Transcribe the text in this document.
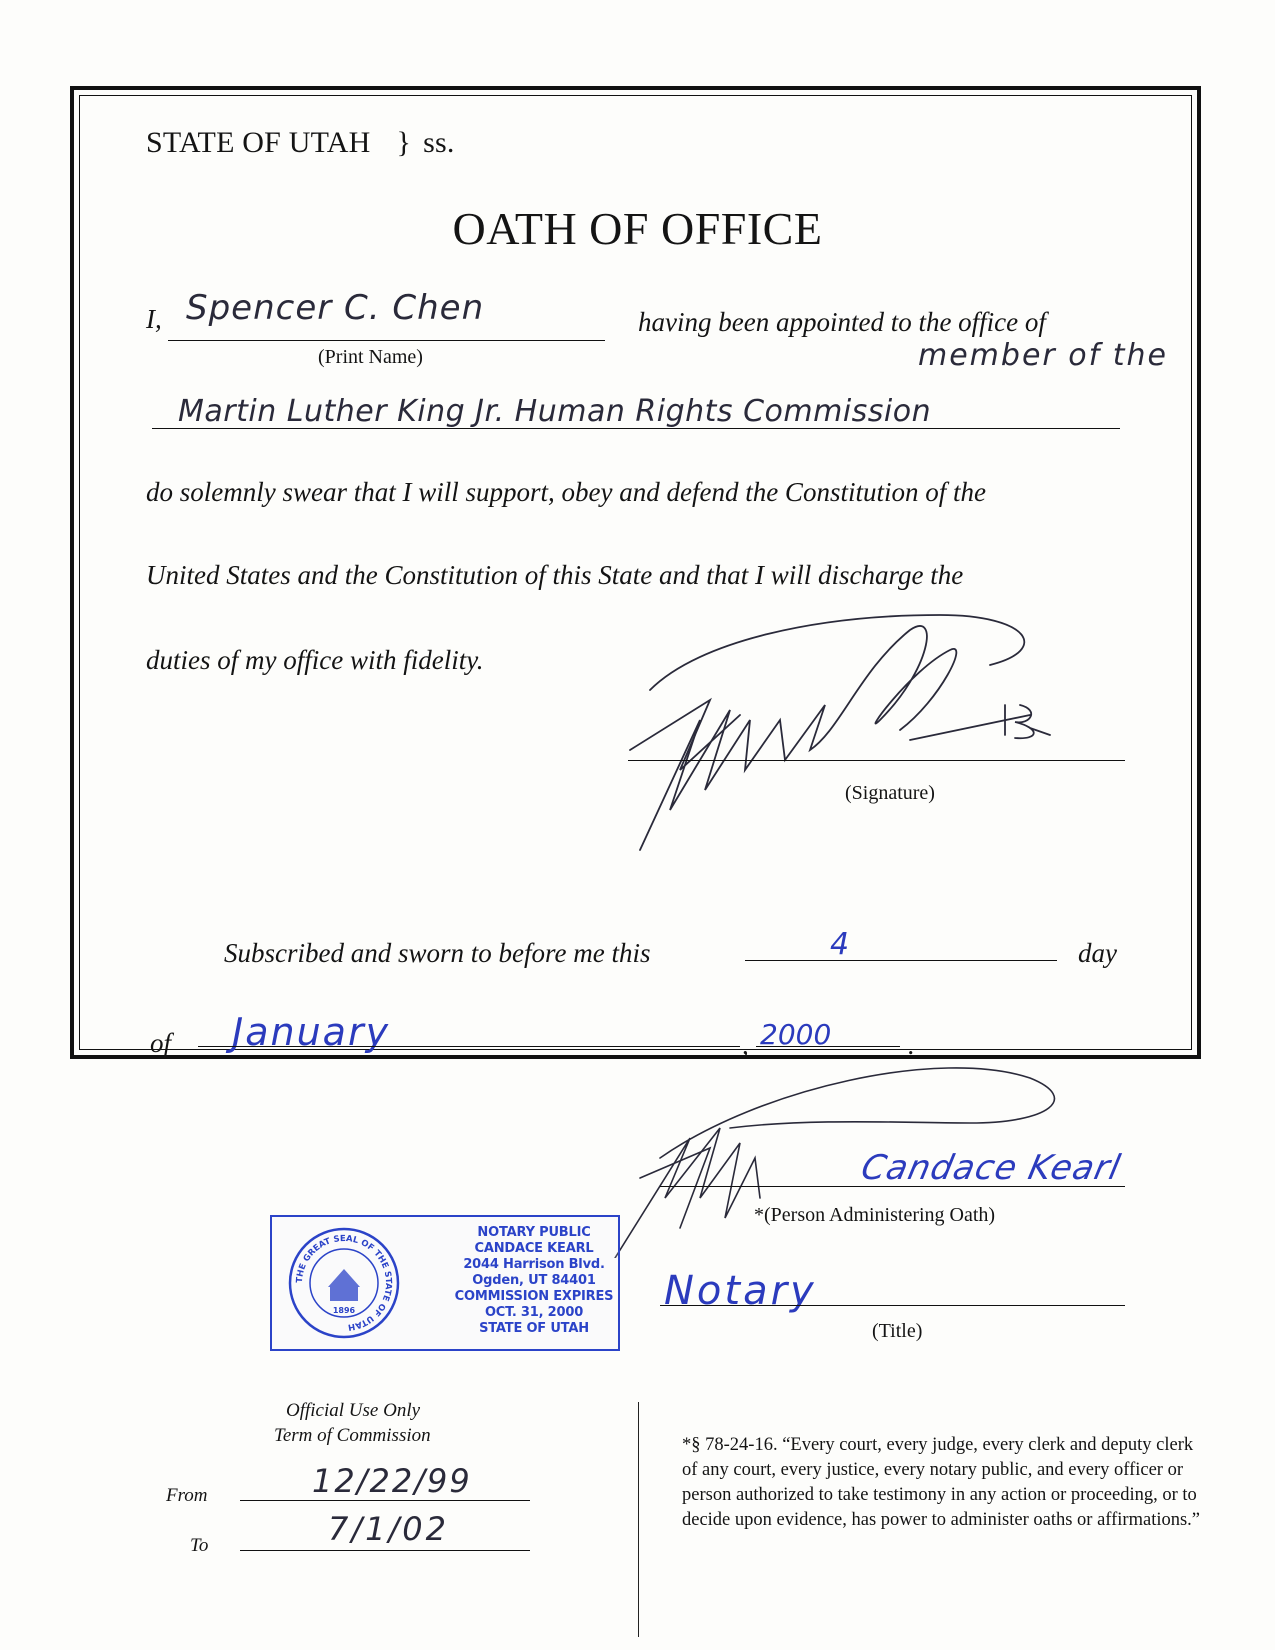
STATE OF UTAH } ss.
OATH OF OFFICE
I, Spencer C. Chen
(Print Name)
having been appointed to the office of
member of the
Martin Luther King Jr. Human Rights Commission
do solemnly swear that I will support, obey and defend the Constitution of the
United States and the Constitution of this State and that I will discharge the
duties of my office with fidelity.
(Signature)
Subscribed and sworn to before me this	4	day
of January	, 2000	.
Candace Kearl
*(Person Administering Oath)
Notary
(Title)
THE GREAT SEAL OF THE STATE OF UTAH
1896
NOTARY PUBLIC
CANDACE KEARL
2044 Harrison Blvd.
Ogden, UT 84401
COMMISSION EXPIRES
OCT. 31, 2000
STATE OF UTAH
Official Use Only
Term of Commission
From	12/22/99
To	7/1/02
*§ 78-24-16. “Every court, every judge, every clerk and deputy clerk of any court, every justice, every notary public, and every officer or person authorized to take testimony in any action or proceeding, or to decide upon evidence, has power to administer oaths or affirmations.”
